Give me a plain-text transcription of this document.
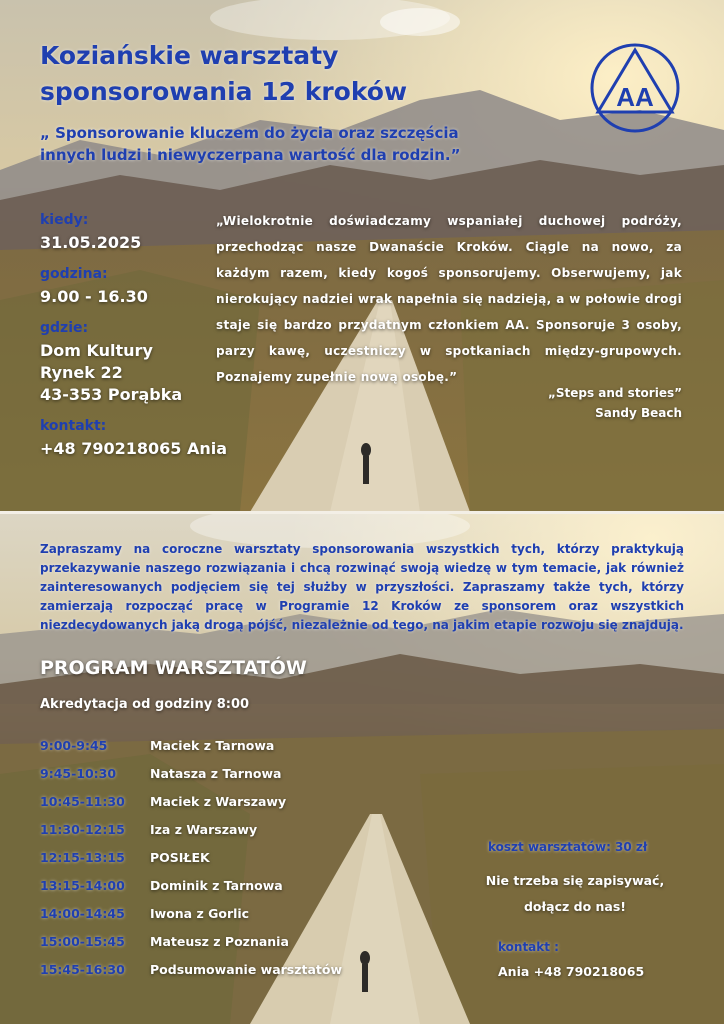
Koziańskie warsztaty
sponsorowania 12 kroków	AA
„ Sponsorowanie kluczem do życia oraz szczęścia
innych ludzi i niewyczerpana wartość dla rodzin.”
kiedy:
31.05.2025
godzina:
9.00 - 16.30
gdzie:
Dom Kultury
Rynek 22
43-353 Porąbka
kontakt:
+48 790218065 Ania
„Wielokrotnie doświadczamy wspaniałej duchowej podróży, przechodząc nasze Dwanaście Kroków. Ciągle na nowo, za każdym razem, kiedy kogoś sponsorujemy. Obserwujemy, jak nierokujący nadziei wrak napełnia się nadzieją, a w połowie drogi staje się bardzo przydatnym członkiem AA. Sponsoruje 3 osoby, parzy kawę, uczestniczy w spotkaniach między-grupowych. Poznajemy zupełnie nową osobę.”
„Steps and stories”
Sandy Beach
Zapraszamy na coroczne warsztaty sponsorowania wszystkich tych, którzy praktykują przekazywanie naszego rozwiązania i chcą rozwinąć swoją wiedzę w tym temacie, jak również zainteresowanych podjęciem się tej służby w przyszłości. Zapraszamy także tych, którzy zamierzają rozpocząć pracę w Programie 12 Kroków ze sponsorem oraz wszystkich niezdecydowanych jaką drogą pójść, niezależnie od tego, na jakim etapie rozwoju się znajdują.
PROGRAM WARSZTATÓW
Akredytacja od godziny 8:00
9:00-9:45	Maciek z Tarnowa
9:45-10:30	Natasza z Tarnowa
10:45-11:30	Maciek z Warszawy
11:30-12:15	Iza z Warszawy
12:15-13:15	POSIŁEK
13:15-14:00	Dominik z Tarnowa
14:00-14:45	Iwona z Gorlic
15:00-15:45	Mateusz z Poznania
15:45-16:30	Podsumowanie warsztatów
koszt warsztatów: 30 zł
Nie trzeba się zapisywać,
dołącz do nas!
kontakt :
Ania +48 790218065
